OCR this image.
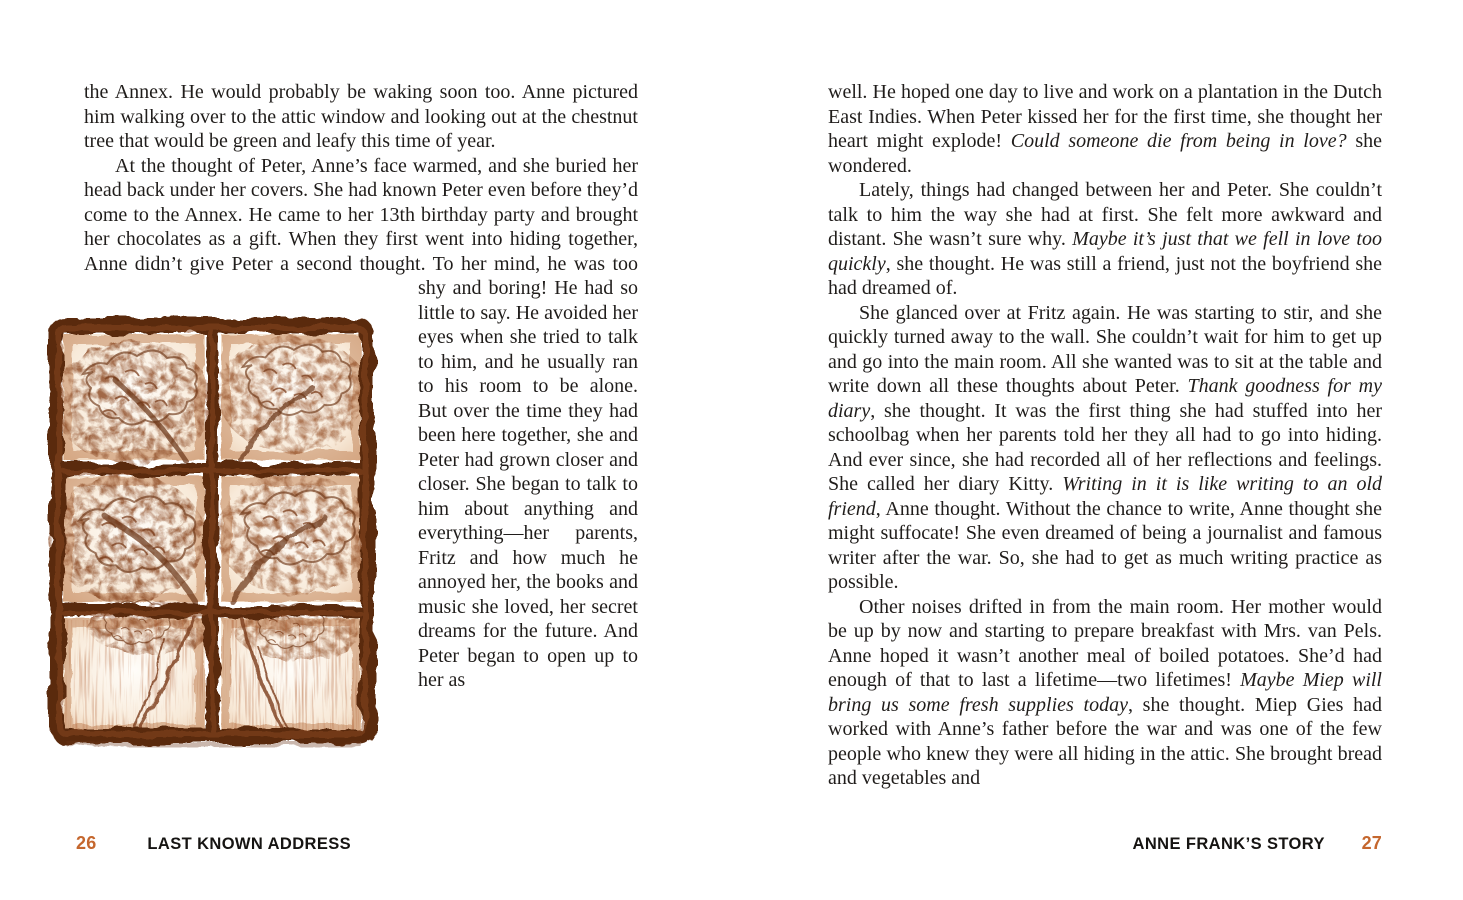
the Annex. He would probably be waking soon too. Anne pictured him walking over to the attic window and looking out at the chestnut tree that would be green and leafy this time of year.

At the thought of Peter, Anne’s face warmed, and she buried her head back under her covers. She had known Peter even before they’d come to the Annex. He came to her 13th birthday party and brought her chocolates as a gift. When they first went into hiding together, Anne didn’t give Peter a second thought. To her mind, he was too shy and boring! He had so little to say. He avoided her eyes when she tried to talk to him, and he usually ran to his room to be alone. But over the time they had been here together, she and Peter had grown closer and closer. She began to talk to him about anything and everything—her parents, Fritz and how much he annoyed her, the books and music she loved, her secret dreams for the future. And Peter began to open up to her as

well. He hoped one day to live and work on a plantation in the Dutch East Indies. When Peter kissed her for the first time, she thought her heart might explode! Could someone die from being in love? she wondered.

Lately, things had changed between her and Peter. She couldn’t talk to him the way she had at first. She felt more awkward and distant. She wasn’t sure why. Maybe it’s just that we fell in love too quickly, she thought. He was still a friend, just not the boyfriend she had dreamed of.

She glanced over at Fritz again. He was starting to stir, and she quickly turned away to the wall. She couldn’t wait for him to get up and go into the main room. All she wanted was to sit at the table and write down all these thoughts about Peter. Thank goodness for my diary, she thought. It was the first thing she had stuffed into her schoolbag when her parents told her they all had to go into hiding. And ever since, she had recorded all of her reflections and feelings. She called her diary Kitty. Writing in it is like writing to an old friend, Anne thought. Without the chance to write, Anne thought she might suffocate! She even dreamed of being a journalist and famous writer after the war. So, she had to get as much writing practice as possible.

Other noises drifted in from the main room. Her mother would be up by now and starting to prepare breakfast with Mrs. van Pels. Anne hoped it wasn’t another meal of boiled potatoes. She’d had enough of that to last a lifetime—two lifetimes! Maybe Miep will bring us some fresh supplies today, she thought. Miep Gies had worked with Anne’s father before the war and was one of the few people who knew they were all hiding in the attic. She brought bread and vegetables and

26	LAST KNOWN ADDRESS	ANNE FRANK’S STORY 27
